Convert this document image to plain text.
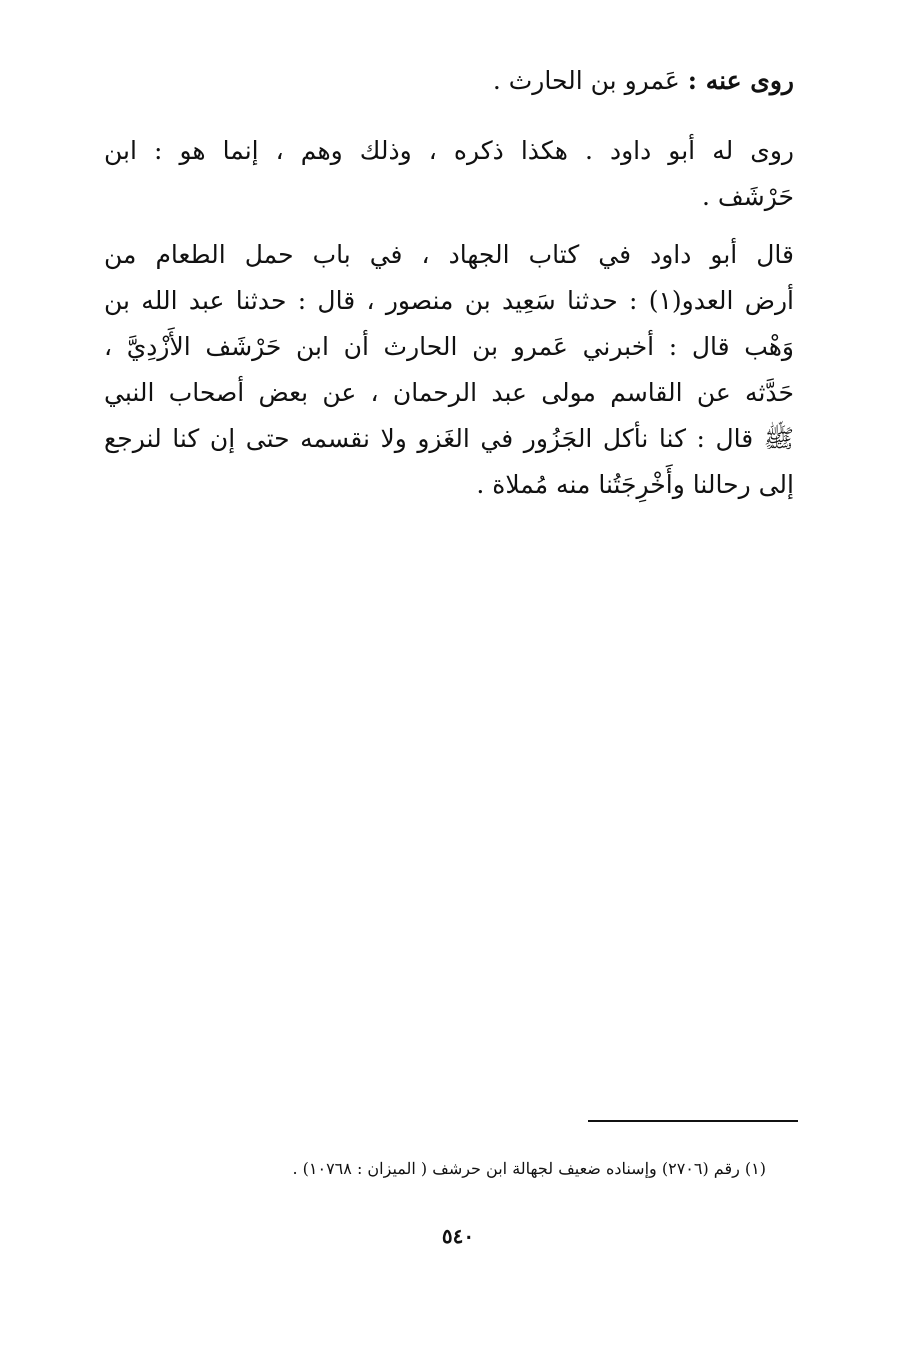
روى عنه : عَمرو بن الحارث .
روى له أبو داود . هكذا ذكره ، وذلك وهم ، إنما هو : ابن
حَرْشَف .
قال أبو داود في كتاب الجهاد ، في باب حمل الطعام من
أرض العدو(١) : حدثنا سَعِيد بن منصور ، قال : حدثنا عبد الله بن
وَهْب قال : أخبرني عَمرو بن الحارث أن ابن حَرْشَف الأَزْدِيَّ ،
حَدَّثه عن القاسم مولى عبد الرحمان ، عن بعض أصحاب النبي
ﷺ قال : كنا نأكل الجَزُور في الغَزو ولا نقسمه حتى إن كنا لنرجع
إلى رحالنا وأَخْرِجَتُنا منه مُملاة .
(١) رقم (٢٧٠٦) وإسناده ضعيف لجهالة ابن حرشف ( الميزان : ١٠٧٦٨) .
٥٤٠
